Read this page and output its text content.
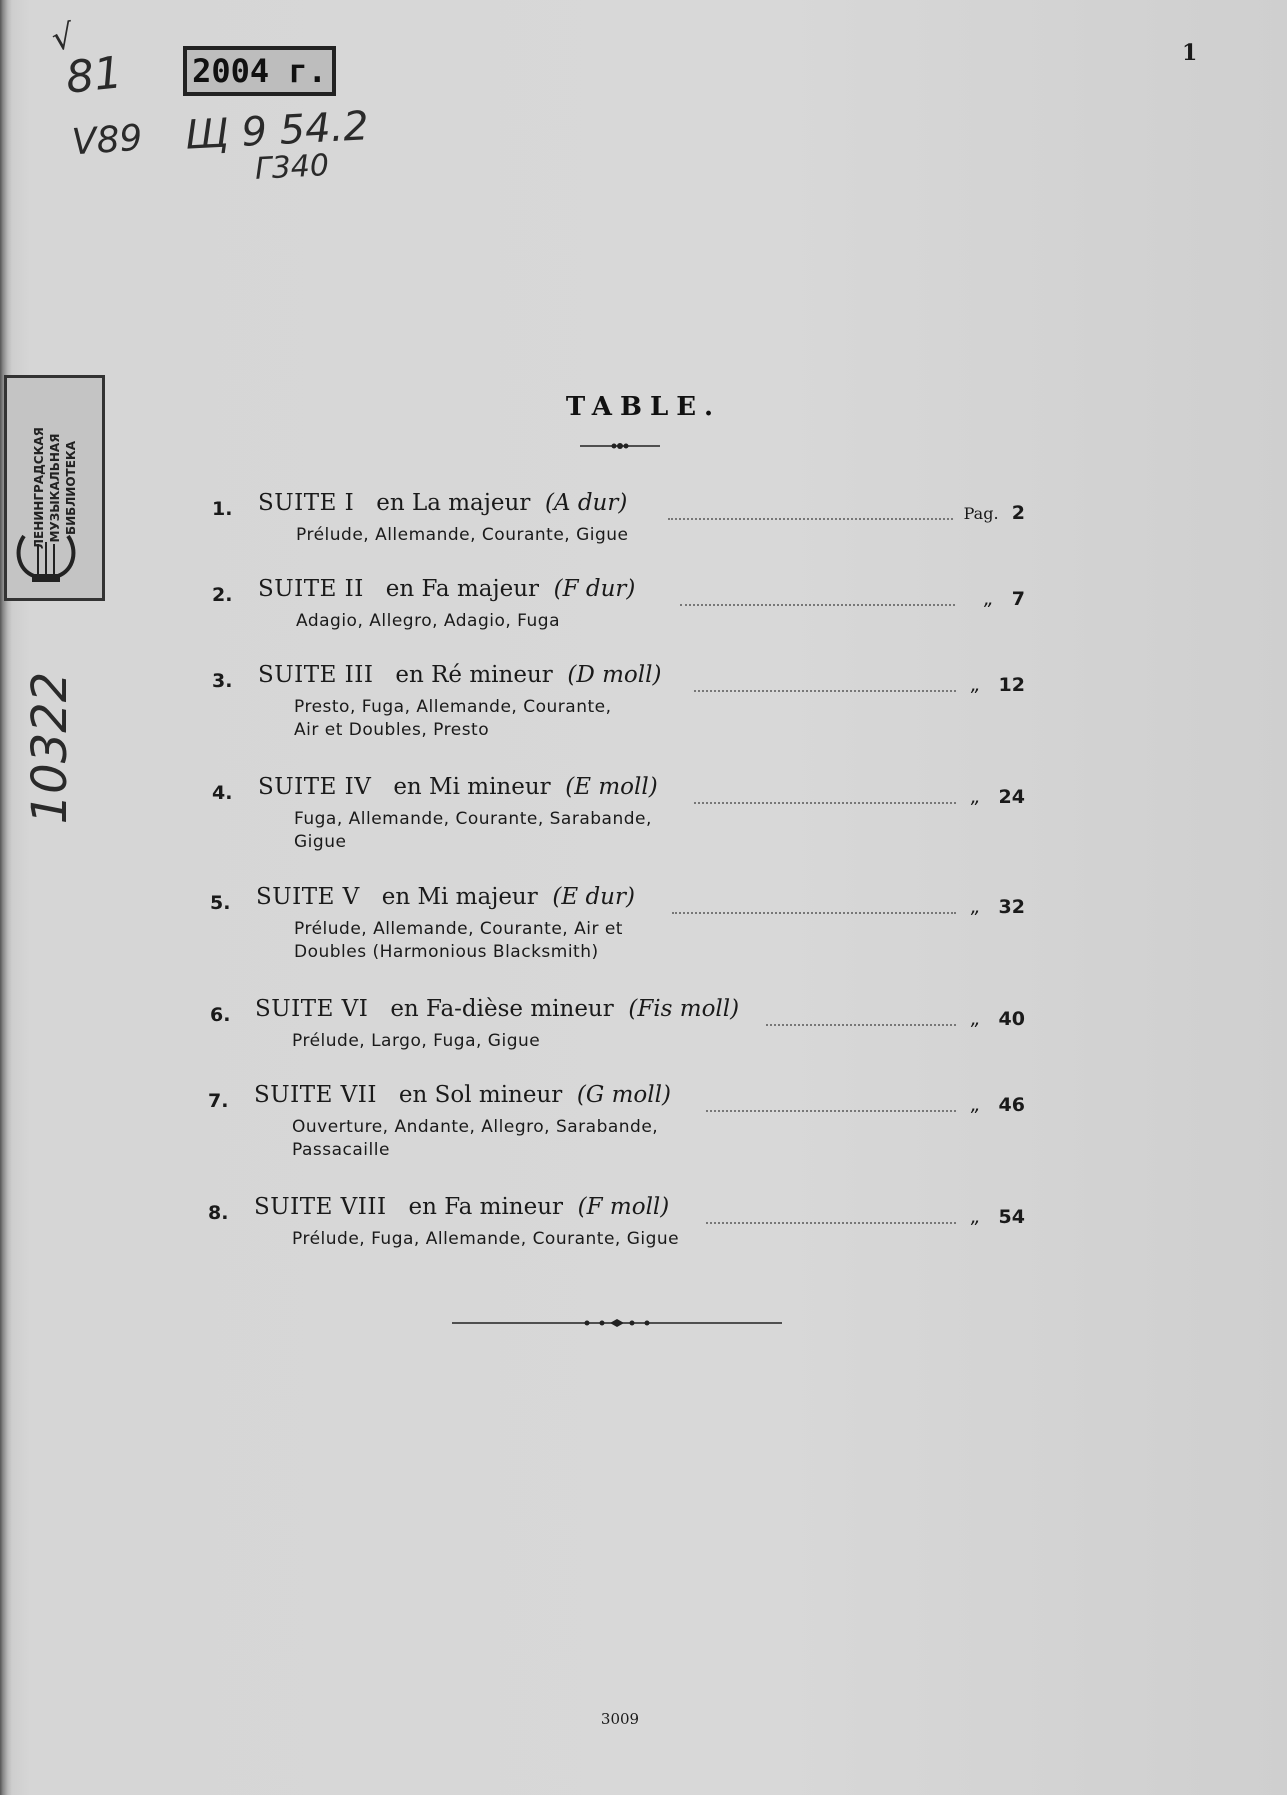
1
√
81
V89
2004 г.
Щ 9 54.2
Г340
10322
ЛЕНИНГРАДСКАЯ МУЗЫКАЛЬНАЯ БИБЛИОТЕКА
TABLE.
1. SUITE I en La majeur (A dur)	Pag. 2
Prélude, Allemande, Courante, Gigue
2. SUITE II en Fa majeur (F dur)	„ 7
Adagio, Allegro, Adagio, Fuga
3. SUITE III en Ré mineur (D moll)	„ 12
Presto, Fuga, Allemande, Courante,
Air et Doubles, Presto
4. SUITE IV en Mi mineur (E moll)	„ 24
Fuga, Allemande, Courante, Sarabande,
Gigue
5. SUITE V en Mi majeur (E dur)	„ 32
Prélude, Allemande, Courante, Air et
Doubles (Harmonious Blacksmith)
6. SUITE VI en Fa-dièse mineur (Fis moll)	„ 40
Prélude, Largo, Fuga, Gigue
7. SUITE VII en Sol mineur (G moll)	„ 46
Ouverture, Andante, Allegro, Sarabande,
Passacaille
8. SUITE VIII en Fa mineur (F moll)	„ 54
Prélude, Fuga, Allemande, Courante, Gigue
3009
